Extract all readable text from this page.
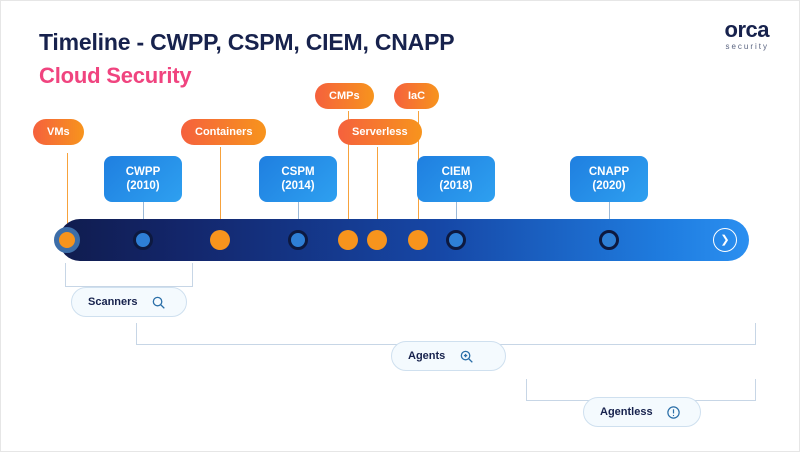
Timeline - CWPP, CSPM, CIEM, CNAPP
Cloud Security
orca
security
VMs	Containers
CMPs
Serverless
IaC
CWPP
(2010)
CSPM
(2014)
CIEM
(2018)
CNAPP
(2020)
❯
Scanners
Agents
Agentless
